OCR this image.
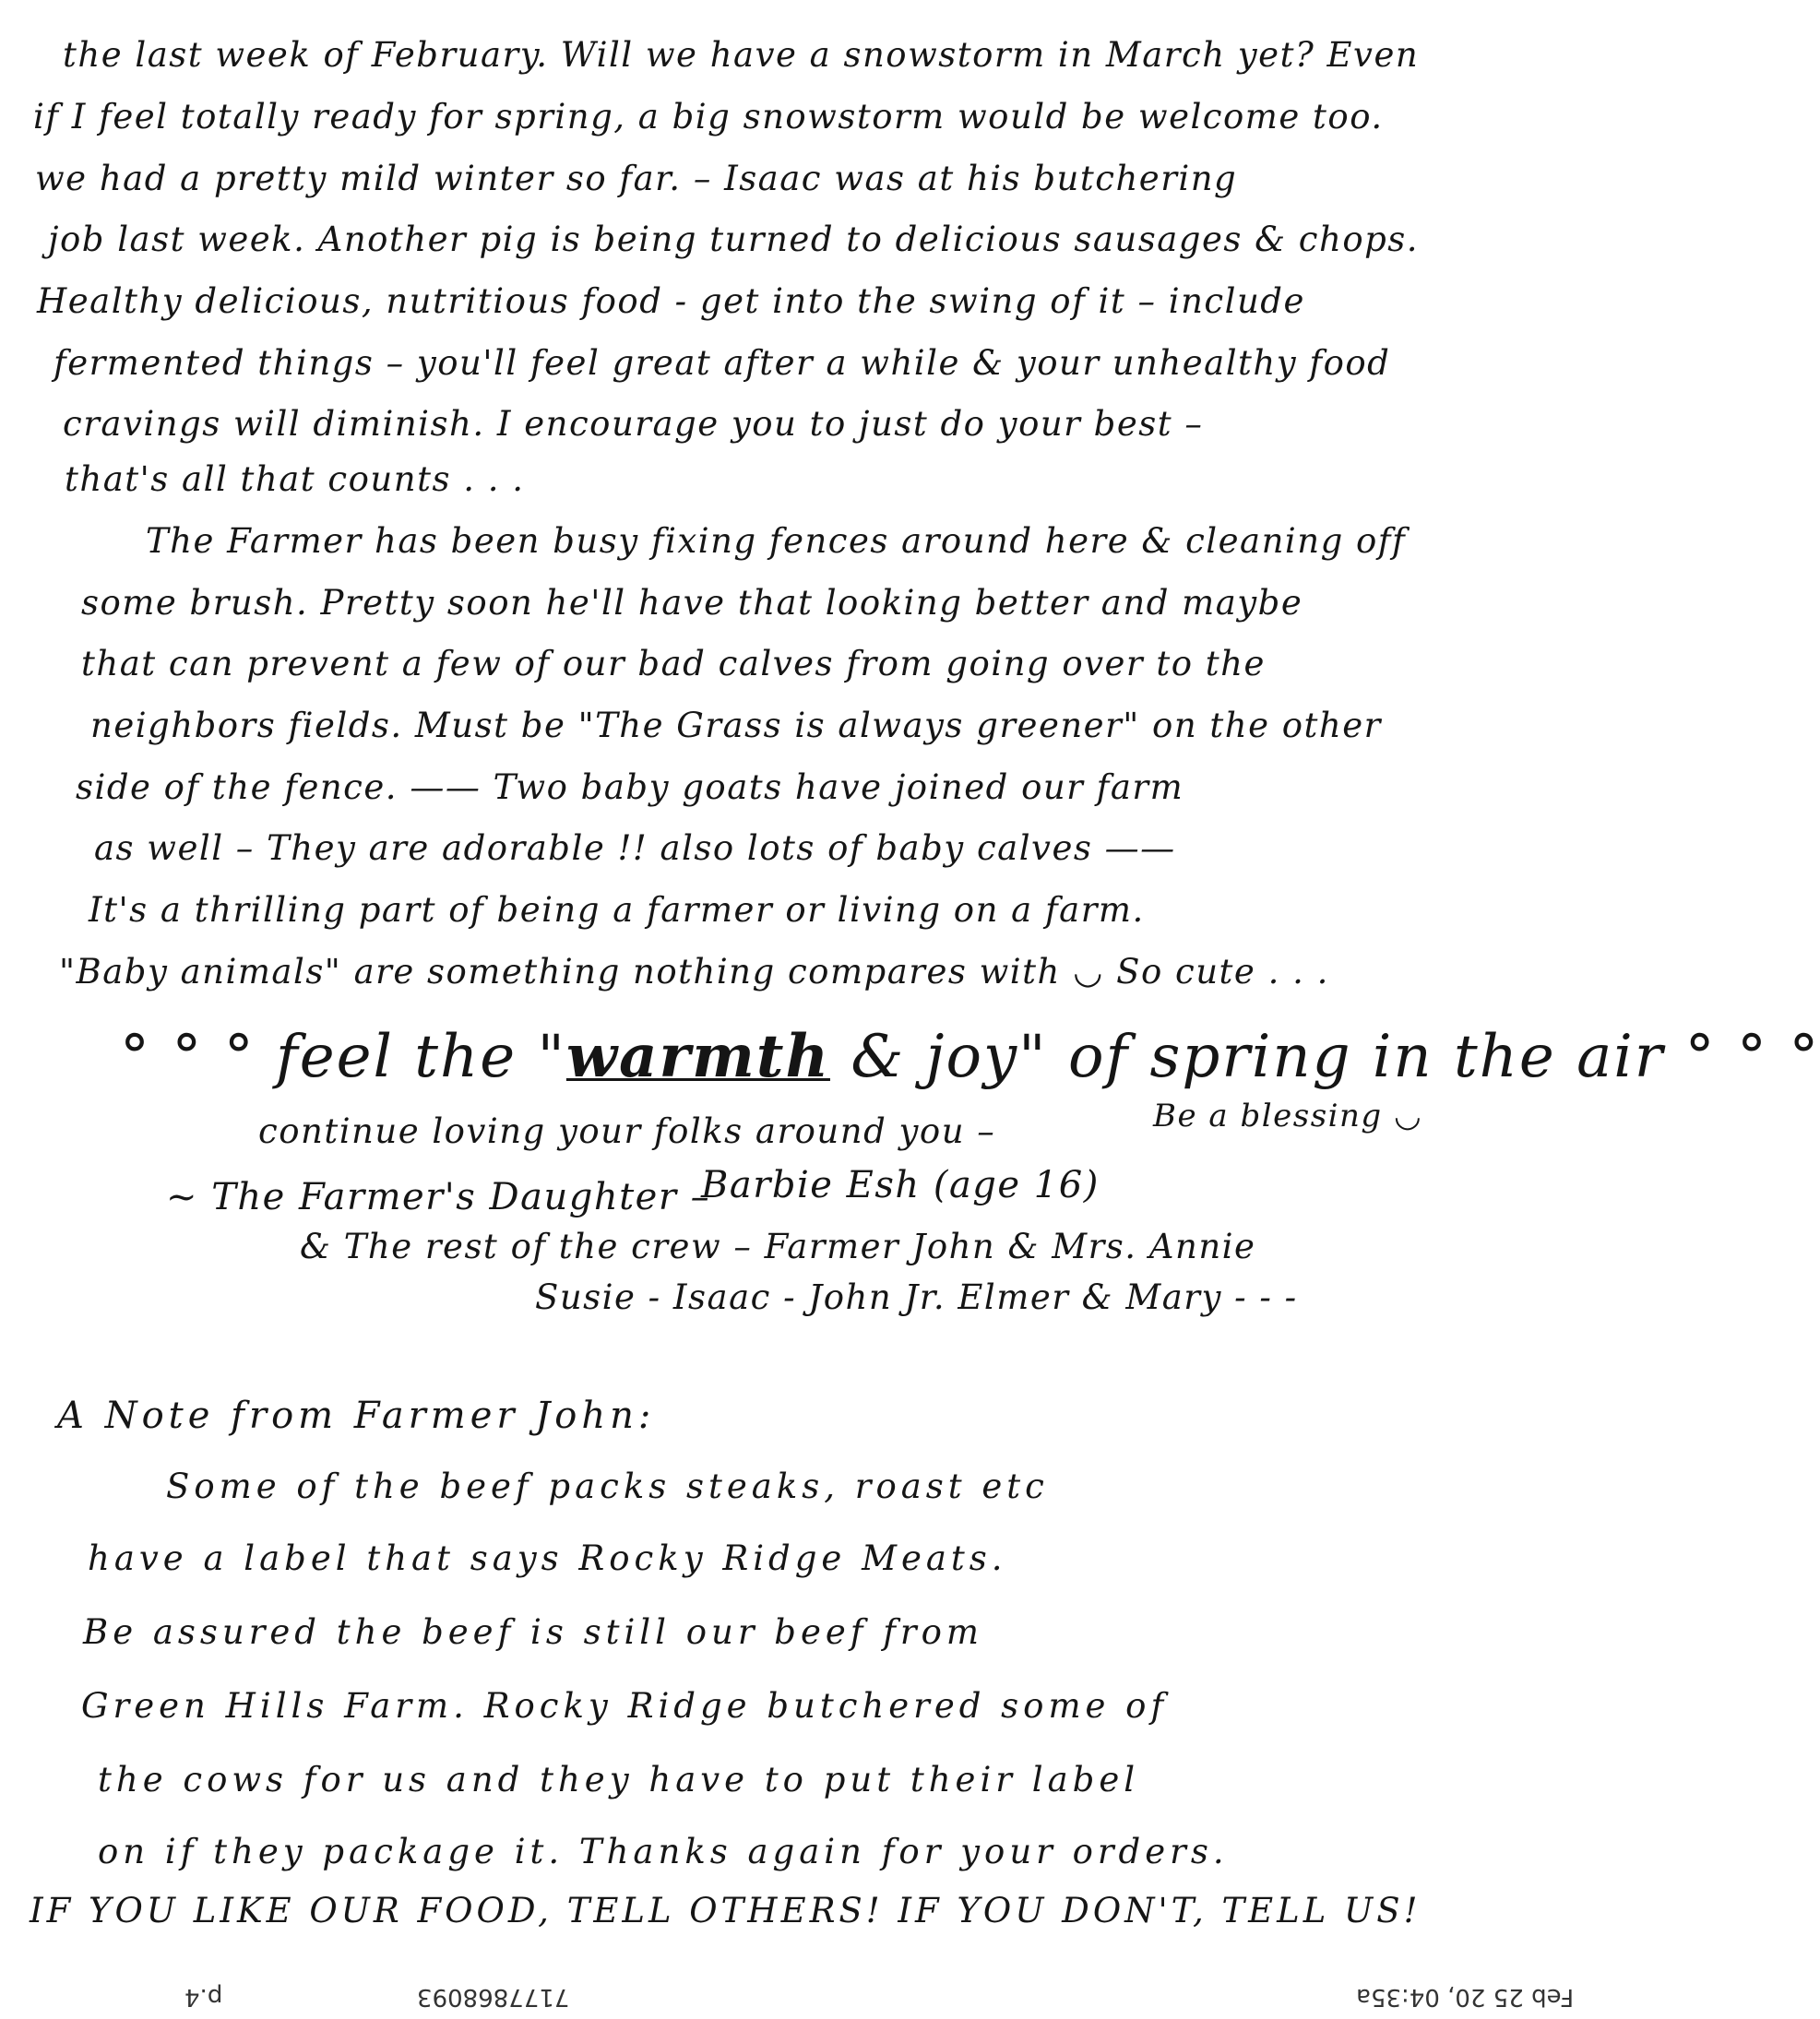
the last week of February. Will we have a snowstorm in March yet? Even
if I feel totally ready for spring, a big snowstorm would be welcome too.
we had a pretty mild winter so far. – Isaac was at his butchering
job last week. Another pig is being turned to delicious sausages & chops.
Healthy delicious, nutritious food - get into the swing of it – include
fermented things – you'll feel great after a while & your unhealthy food
cravings will diminish. I encourage you to just do your best –
that's all that counts . . .
The Farmer has been busy fixing fences around here & cleaning off
some brush. Pretty soon he'll have that looking better and maybe
that can prevent a few of our bad calves from going over to the
neighbors fields. Must be "The Grass is always greener" on the other
side of the fence. —— Two baby goats have joined our farm
as well – They are adorable !! also lots of baby calves ——
It's a thrilling part of being a farmer or living on a farm.
"Baby animals" are something nothing compares with ◡ So cute . . .
° ° ° feel the "warmth & joy" of spring in the air ° ° °
continue loving your folks around you –	Be a blessing ◡
~ The Farmer's Daughter –
Barbie Esh (age 16)
& The rest of the crew – Farmer John & Mrs. Annie
Susie - Isaac - John Jr. Elmer & Mary - - -
A Note from Farmer John:
Some of the beef packs steaks, roast etc
have a label that says Rocky Ridge Meats.
Be assured the beef is still our beef from
Green Hills Farm. Rocky Ridge butchered some of
the cows for us and they have to put their label
on if they package it. Thanks again for your orders.
IF YOU LIKE OUR FOOD, TELL OTHERS! IF YOU DON'T, TELL US!
Feb 25 20, 04:35a
7177868093
p.4
